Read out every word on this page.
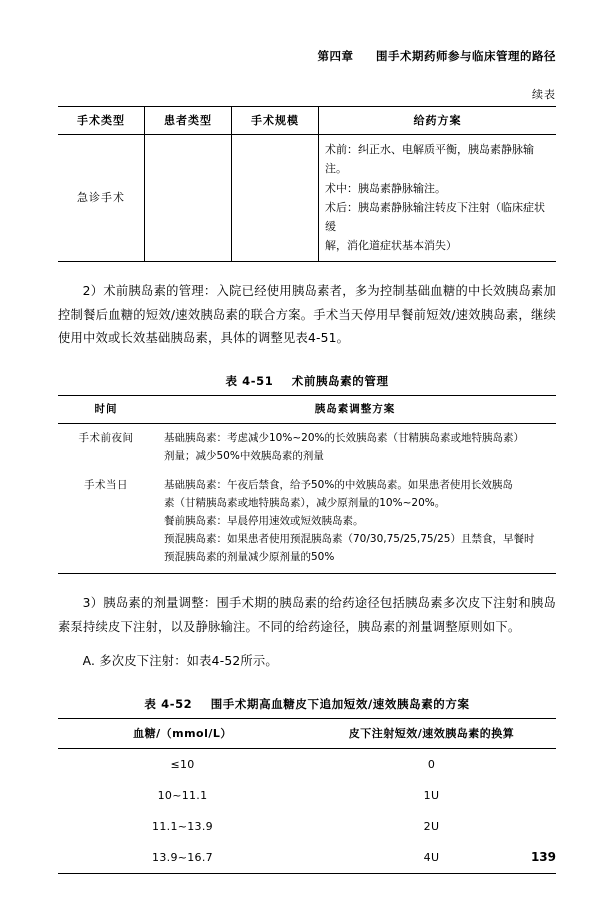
第四章 围手术期药师参与临床管理的路径
续表
手术类型	患者类型	手术规模	给药方案
急诊手术			术前：纠正水、电解质平衡，胰岛素静脉输注。
术中：胰岛素静脉输注。
术后：胰岛素静脉输注转皮下注射（临床症状缓
解，消化道症状基本消失）

2）术前胰岛素的管理：入院已经使用胰岛素者，多为控制基础血糖的中长效胰岛素加控制餐后血糖的短效/速效胰岛素的联合方案。手术当天停用早餐前短效/速效胰岛素，继续使用中效或长效基础胰岛素，具体的调整见表4-51。

表 4-51 术前胰岛素的管理
时间	胰岛素调整方案
手术前夜间	基础胰岛素：考虑减少10%~20%的长效胰岛素（甘精胰岛素或地特胰岛素）
剂量；减少50%中效胰岛素的剂量

手术当日	基础胰岛素：午夜后禁食，给予50%的中效胰岛素。如果患者使用长效胰岛
素（甘精胰岛素或地特胰岛素），减少原剂量的10%~20%。
餐前胰岛素：早晨停用速效或短效胰岛素。
预混胰岛素：如果患者使用预混胰岛素（70/30,75/25,75/25）且禁食，早餐时
预混胰岛素的剂量减少原剂量的50%

3）胰岛素的剂量调整：围手术期的胰岛素的给药途径包括胰岛素多次皮下注射和胰岛素泵持续皮下注射，以及静脉输注。不同的给药途径，胰岛素的剂量调整原则如下。

A. 多次皮下注射：如表4-52所示。

表 4-52 围手术期高血糖皮下追加短效/速效胰岛素的方案
血糖/（mmol/L）	皮下注射短效/速效胰岛素的换算
≤10	0
10~11.1	1U
11.1~13.9	2U
13.9~16.7	4U	139
